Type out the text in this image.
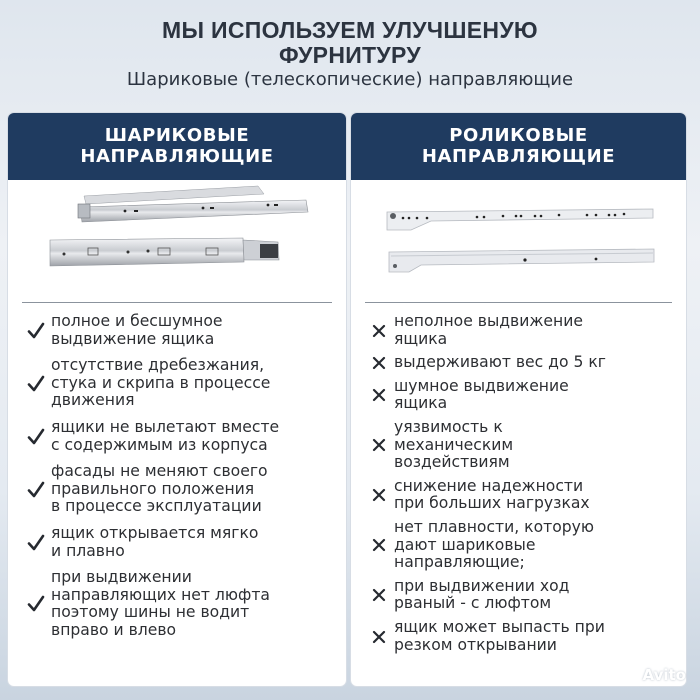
МЫ ИСПОЛЬЗУЕМ УЛУЧШЕНУЮ
ФУРНИТУРУ
Шариковые (телескопические) направляющие
ШАРИКОВЫЕ
НАПРАВЛЯЮЩИЕ
полное и бесшумное
выдвижение ящика
отсутствие дребезжания,
стука и скрипа в процессе
движения
ящики не вылетают вместе
с содержимым из корпуса
фасады не меняют своего
правильного положения
в процессе эксплуатации
ящик открывается мягко
и плавно
при выдвижении
направляющих нет люфта
поэтому шины не водит
вправо и влево
РОЛИКОВЫЕ
НАПРАВЛЯЮЩИЕ
неполное выдвижение
ящика
выдерживают вес до 5 кг
шумное выдвижение
ящика
уязвимость к
механическим
воздействиям
снижение надежности
при больших нагрузках
нет плавности, которую
дают шариковые
направляющие;
при выдвижении ход
рваный - с люфтом
ящик может выпасть при
резком открывании
Avito
